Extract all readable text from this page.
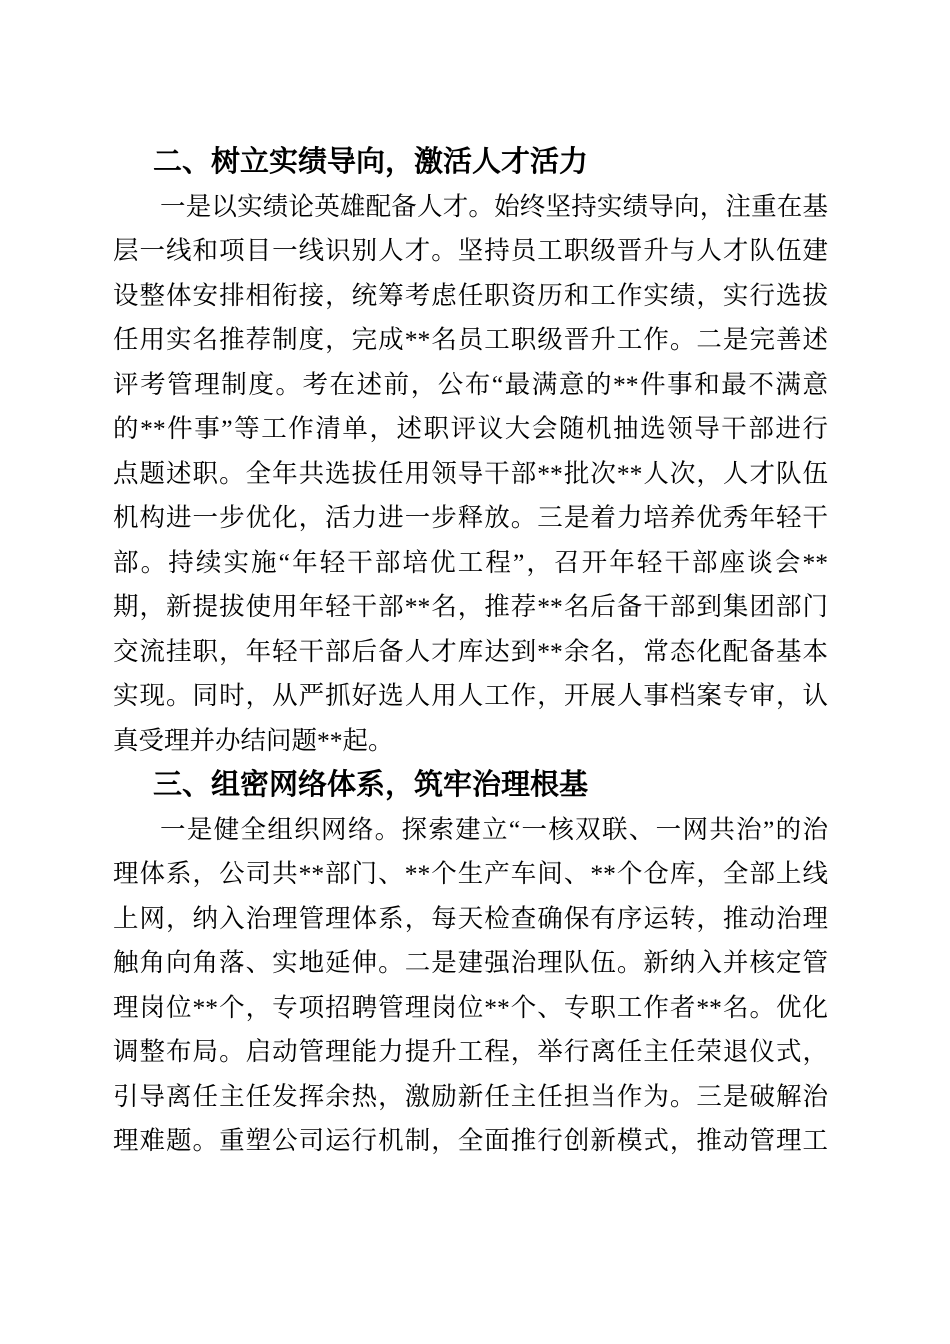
二、树立实绩导向，激活人才活力
一是以实绩论英雄配备人才。始终坚持实绩导向，注重在基
层一线和项目一线识别人才。坚持员工职级晋升与人才队伍建
设整体安排相衔接，统筹考虑任职资历和工作实绩，实行选拔
任用实名推荐制度，完成**名员工职级晋升工作。二是完善述
评考管理制度。考在述前，公布“最满意的**件事和最不满意
的**件事”等工作清单，述职评议大会随机抽选领导干部进行
点题述职。全年共选拔任用领导干部**批次**人次，人才队伍
机构进一步优化，活力进一步释放。三是着力培养优秀年轻干
部。持续实施“年轻干部培优工程”，召开年轻干部座谈会**
期，新提拔使用年轻干部**名，推荐**名后备干部到集团部门
交流挂职，年轻干部后备人才库达到**余名，常态化配备基本
实现。同时，从严抓好选人用人工作，开展人事档案专审，认
真受理并办结问题**起。
三、组密网络体系，筑牢治理根基
一是健全组织网络。探索建立“一核双联、一网共治”的治
理体系，公司共**部门、**个生产车间、**个仓库，全部上线
上网，纳入治理管理体系，每天检查确保有序运转，推动治理
触角向角落、实地延伸。二是建强治理队伍。新纳入并核定管
理岗位**个，专项招聘管理岗位**个、专职工作者**名。优化
调整布局。启动管理能力提升工程，举行离任主任荣退仪式，
引导离任主任发挥余热，激励新任主任担当作为。三是破解治
理难题。重塑公司运行机制，全面推行创新模式，推动管理工
